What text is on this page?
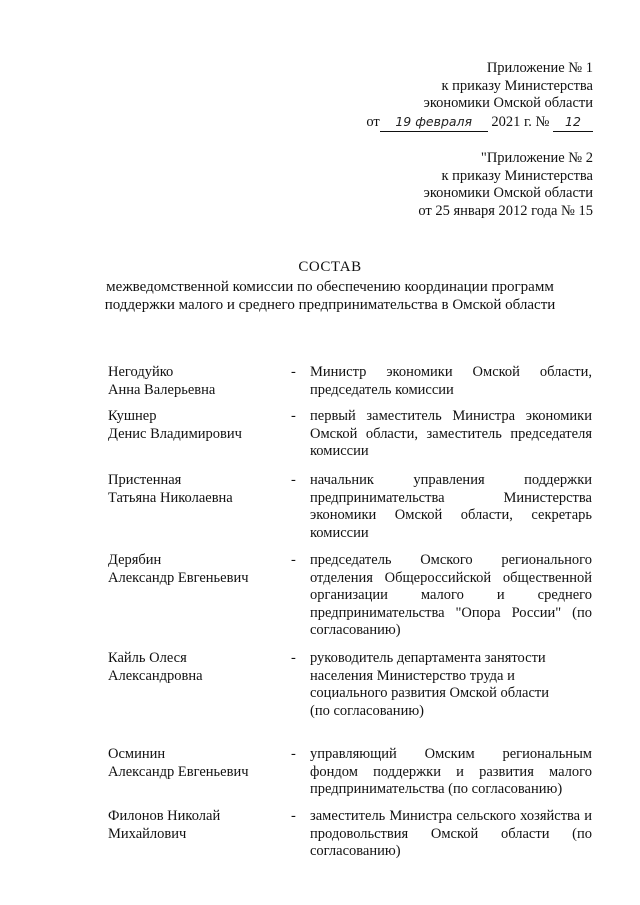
Приложение № 1

к приказу Министерства

экономики Омской области

от 19 февраля 2021 г. № 12

"Приложение № 2

к приказу Министерства

экономики Омской области

от 25 января 2012 года № 15

СОСТАВ

межведомственной комиссии по обеспечению координации программ

поддержки малого и среднего предпринимательства в Омской области

Негодуйко

Анна Валерьевна

- Министр экономики Омской области, председатель комиссии

Кушнер

Денис Владимирович

- первый заместитель Министра экономики Омской области, заместитель председателя комиссии

Пристенная

Татьяна Николаевна

- начальник управления поддержки предпринимательства Министерства экономики Омской области, секретарь комиссии

Дерябин

Александр Евгеньевич

- председатель Омского регионального отделения Общероссийской общественной организации малого и среднего предпринимательства "Опора России" (по согласованию)

Кайль Олеся

Александровна

- руководитель департамента занятости населения Министерство труда и социального развития Омской области (по согласованию)

Осминин

Александр Евгеньевич

- управляющий Омским региональным фондом поддержки и развития малого предпринимательства (по согласованию)

Филонов Николай

Михайлович

- заместитель Министра сельского хозяйства и продовольствия Омской области (по согласованию)
